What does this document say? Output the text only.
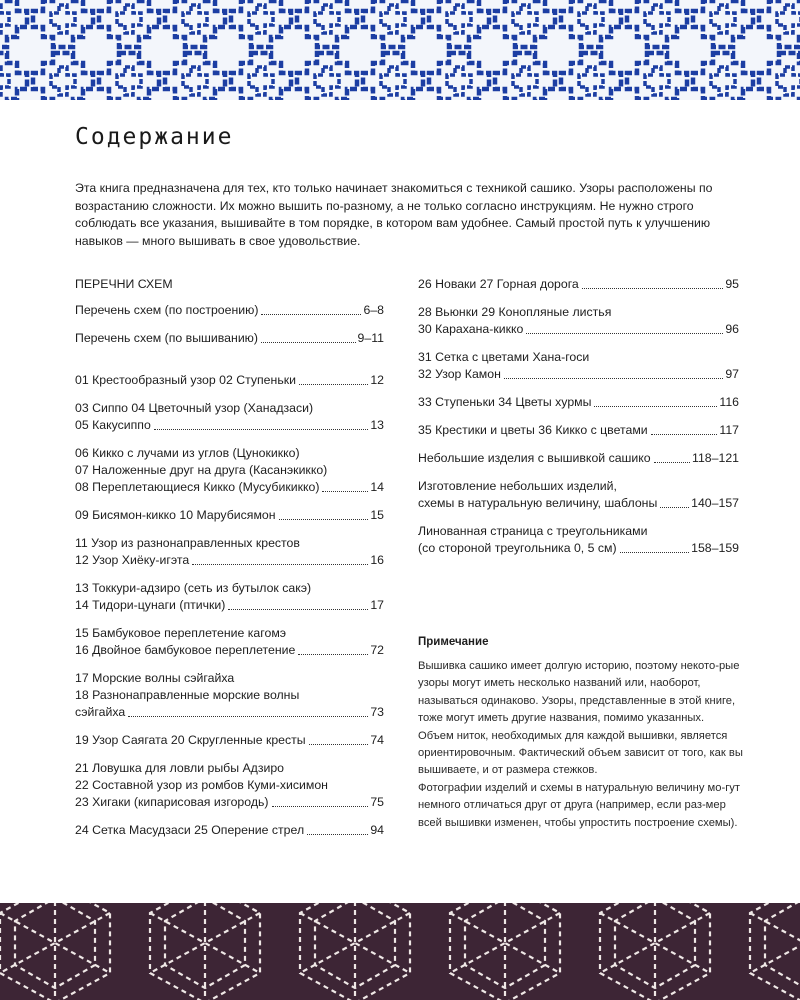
Содержание

Эта книга предназначена для тех, кто только начинает знакомиться с техникой сашико. Узоры расположены по возрастанию сложности. Их можно вышить по-разному, а не только согласно инструкциям. Не нужно строго соблюдать все указания, вышивайте в том порядке, в котором вам удобнее. Самый простой путь к улучшению навыков — много вышивать в свое удовольствие.

ПЕРЕЧНИ СХЕМ
Перечень схем (по построению)	6–8
Перечень схем (по вышиванию)	9–11
01 Крестообразный узор 02 Ступеньки	12
03 Сиппо 04 Цветочный узор (Ханадзаси)
05 Какусиппо	13
06 Кикко с лучами из углов (Цунокикко)
07 Наложенные друг на друга (Касанэкикко)
08 Переплетающиеся Кикко (Мусубикикко)	14
09 Бисямон-кикко 10 Марубисямон	15
11 Узор из разнонаправленных крестов
12 Узор Хиёку-игэта	16
13 Токкури-адзиро (сеть из бутылок сакэ)
14 Тидори-цунаги (птички)	17
15 Бамбуковое переплетение кагомэ
16 Двойное бамбуковое переплетение	72
17 Морские волны сэйгайха
18 Разнонаправленные морские волны
сэйгайха	73
19 Узор Саягата 20 Скругленные кресты	74
21 Ловушка для ловли рыбы Адзиро
22 Составной узор из ромбов Куми-хисимон
23 Хигаки (кипарисовая изгородь)	75
24 Сетка Масудзаси 25 Оперение стрел	94
26 Новаки 27 Горная дорога	95
28 Вьюнки 29 Конопляные листья
30 Карахана-кикко	96
31 Сетка с цветами Хана-госи
32 Узор Камон	97
33 Ступеньки 34 Цветы хурмы	116
35 Крестики и цветы 36 Кикко с цветами	117
Небольшие изделия с вышивкой сашико	118–121
Изготовление небольших изделий,
схемы в натуральную величину, шаблоны	140–157
Линованная страница с треугольниками
(со стороной треугольника 0, 5 см)	158–159
Примечание

Вышивка сашико имеет долгую историю, поэтому некото-рые узоры могут иметь несколько названий или, наоборот, называться одинаково. Узоры, представленные в этой книге, тоже могут иметь другие названия, помимо указанных.

Объем ниток, необходимых для каждой вышивки, является ориентировочным. Фактический объем зависит от того, как вы вышиваете, и от размера стежков.

Фотографии изделий и схемы в натуральную величину мо-гут немного отличаться друг от друга (например, если раз-мер всей вышивки изменен, чтобы упростить построение схемы).
